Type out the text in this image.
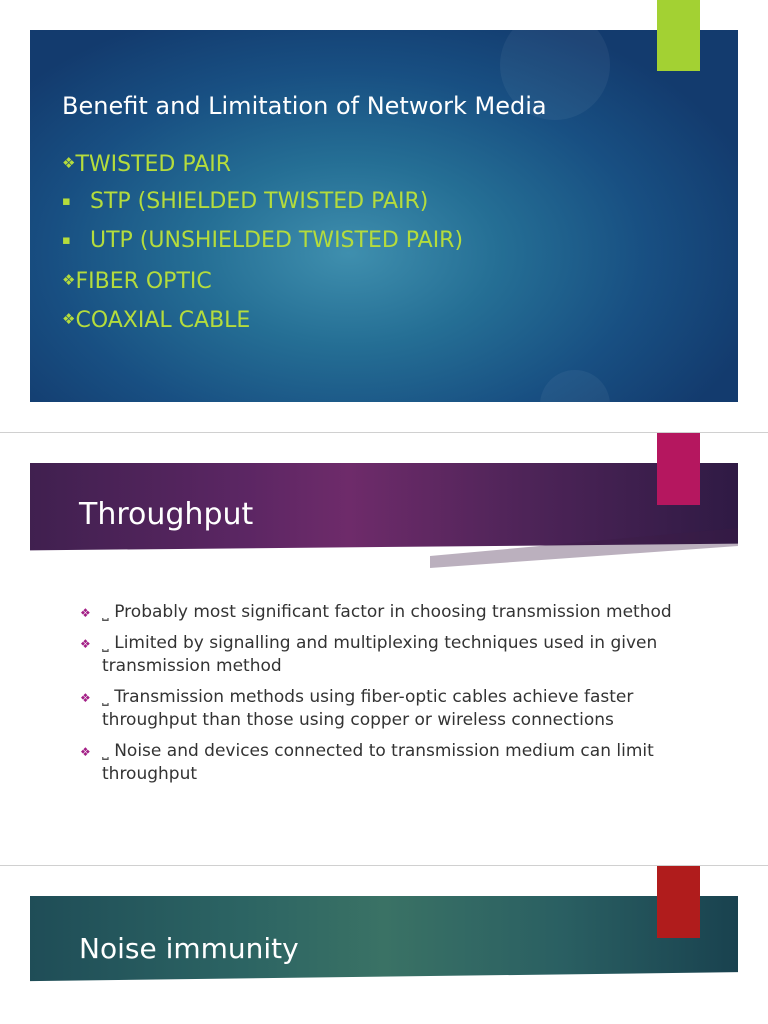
Benefit and Limitation of Network Media
❖TWISTED PAIR
▪ STP (SHIELDED TWISTED PAIR)
▪ UTP (UNSHIELDED TWISTED PAIR)
❖FIBER OPTIC
❖COAXIAL CABLE
Throughput
❖ ⎵ Probably most significant factor in choosing transmission method
❖ ⎵ Limited by signalling and multiplexing techniques used in given transmission method
❖ ⎵ Transmission methods using fiber-optic cables achieve faster throughput than those using copper or wireless connections
❖ ⎵ Noise and devices connected to transmission medium can limit throughput
Noise immunity
